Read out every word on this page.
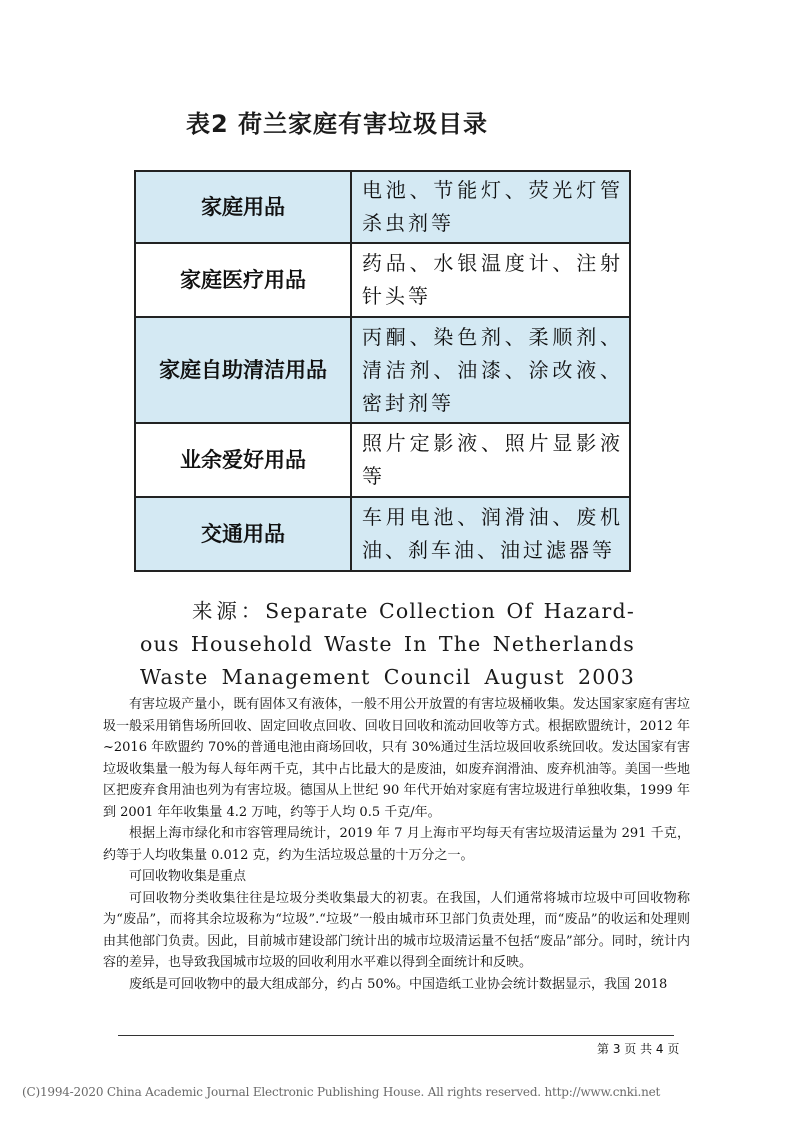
表2 荷兰家庭有害垃圾目录
家庭用品	电池、节能灯、荧光灯管杀虫剂等
家庭医疗用品	药品、水银温度计、注射针头等
家庭自助清洁用品	丙酮、染色剂、柔顺剂、清洁剂、油漆、涂改液、密封剂等
业余爱好用品	照片定影液、照片显影液等
交通用品	车用电池、润滑油、废机油、刹车油、油过滤器等
来源：Separate Collection Of Hazard-
ous Household Waste In The Netherlands
Waste Management Council August 2003

有害垃圾产量小，既有固体又有液体，一般不用公开放置的有害垃圾桶收集。发达国家家庭有害垃圾一般采用销售场所回收、固定回收点回收、回收日回收和流动回收等方式。根据欧盟统计，2012 年~2016 年欧盟约 70%的普通电池由商场回收，只有 30%通过生活垃圾回收系统回收。发达国家有害垃圾收集量一般为每人每年两千克，其中占比最大的是废油，如废弃润滑油、废弃机油等。美国一些地区把废弃食用油也列为有害垃圾。德国从上世纪 90 年代开始对家庭有害垃圾进行单独收集，1999 年到 2001 年年收集量 4.2 万吨，约等于人均 0.5 千克/年。

根据上海市绿化和市容管理局统计，2019 年 7 月上海市平均每天有害垃圾清运量为 291 千克，约等于人均收集量 0.012 克，约为生活垃圾总量的十万分之一。

可回收物收集是重点

可回收物分类收集往往是垃圾分类收集最大的初衷。在我国，人们通常将城市垃圾中可回收物称为“废品”，而将其余垃圾称为“垃圾”.“垃圾”一般由城市环卫部门负责处理，而“废品”的收运和处理则由其他部门负责。因此，目前城市建设部门统计出的城市垃圾清运量不包括“废品”部分。同时，统计内容的差异，也导致我国城市垃圾的回收利用水平难以得到全面统计和反映。

废纸是可回收物中的最大组成部分，约占 50%。中国造纸工业协会统计数据显示，我国 2018

第 3 页 共 4 页
(C)1994-2020 China Academic Journal Electronic Publishing House. All rights reserved. http://www.cnki.net
